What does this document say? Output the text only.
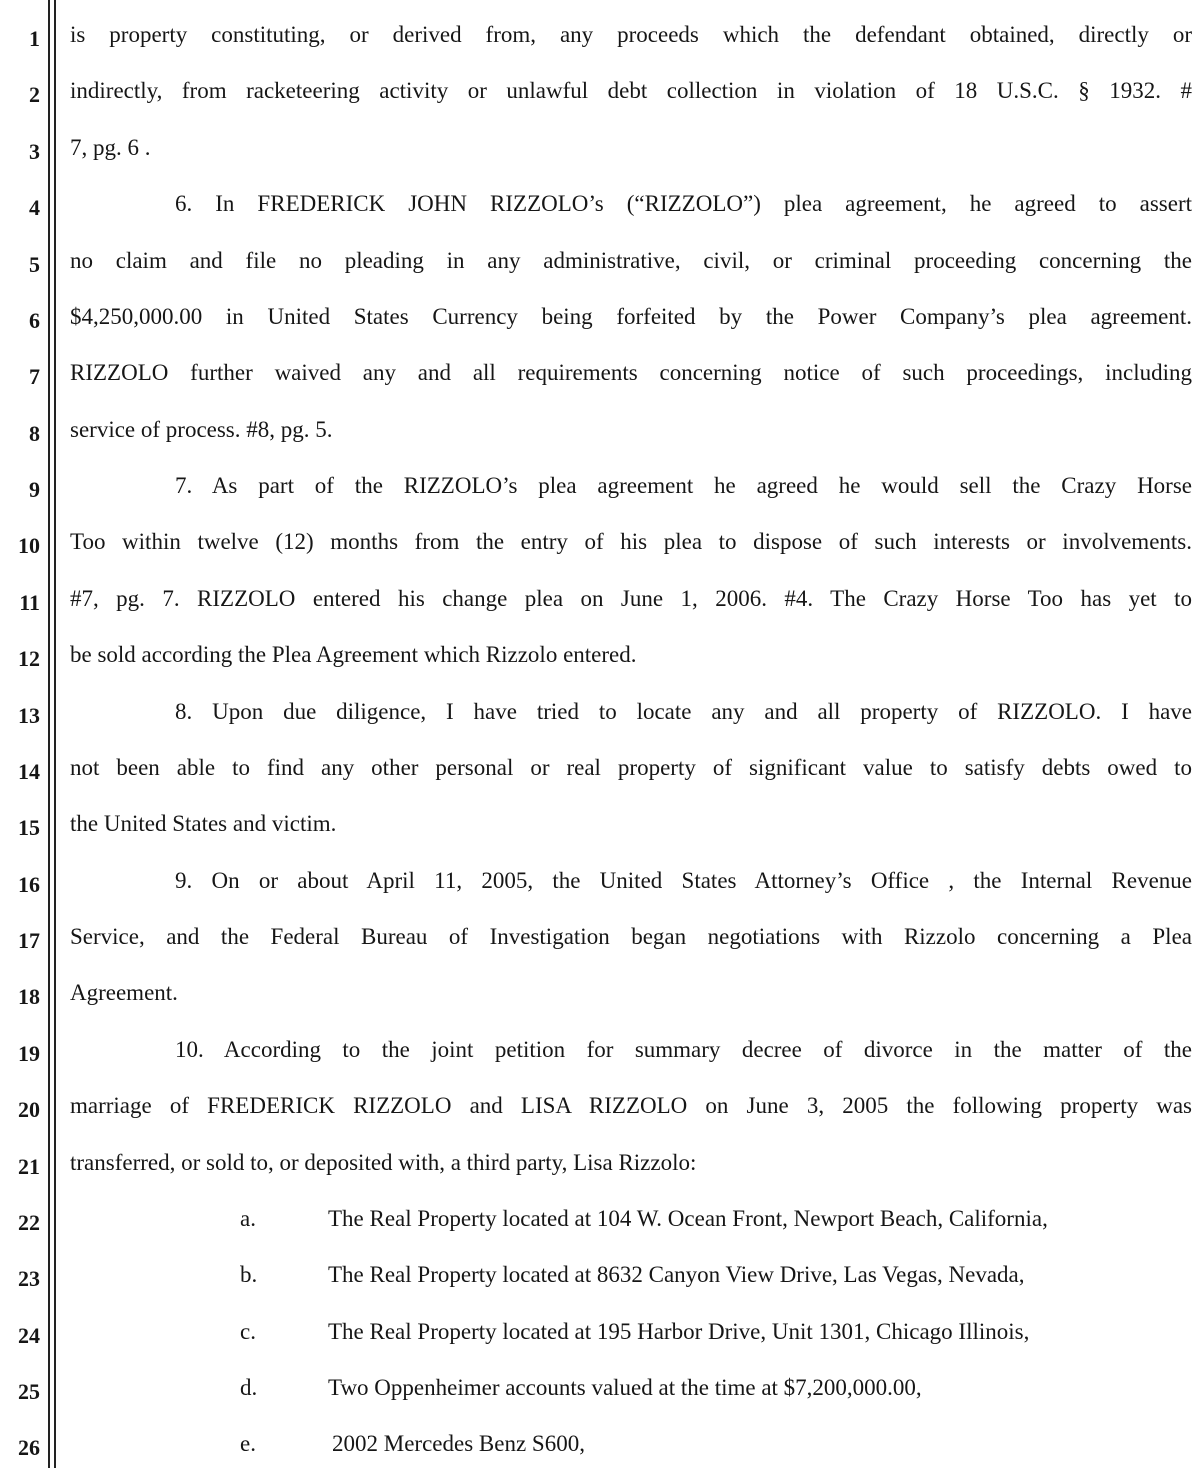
1
2
3
4
5
6
7
8
9
10
11
12
13
14
15
16
17
18
19
20
21
22
23
24
25
26
is property constituting, or derived from, any proceeds which the defendant obtained, directly or
indirectly, from racketeering activity or unlawful debt collection in violation of 18 U.S.C. § 1932. #
7, pg. 6 .
6. In FREDERICK JOHN RIZZOLO’s (“RIZZOLO”) plea agreement, he agreed to assert
no claim and file no pleading in any administrative, civil, or criminal proceeding concerning the
$4,250,000.00 in United States Currency being forfeited by the Power Company’s plea agreement.
RIZZOLO further waived any and all requirements concerning notice of such proceedings, including
service of process. #8, pg. 5.
7. As part of the RIZZOLO’s plea agreement he agreed he would sell the Crazy Horse
Too within twelve (12) months from the entry of his plea to dispose of such interests or involvements.
#7, pg. 7. RIZZOLO entered his change plea on June 1, 2006. #4. The Crazy Horse Too has yet to
be sold according the Plea Agreement which Rizzolo entered.
8. Upon due diligence, I have tried to locate any and all property of RIZZOLO. I have
not been able to find any other personal or real property of significant value to satisfy debts owed to
the United States and victim.
9. On or about April 11, 2005, the United States Attorney’s Office , the Internal Revenue
Service, and the Federal Bureau of Investigation began negotiations with Rizzolo concerning a Plea
Agreement.
10. According to the joint petition for summary decree of divorce in the matter of the
marriage of FREDERICK RIZZOLO and LISA RIZZOLO on June 3, 2005 the following property was
transferred, or sold to, or deposited with, a third party, Lisa Rizzolo:
a.	The Real Property located at 104 W. Ocean Front, Newport Beach, California,
b.	The Real Property located at 8632 Canyon View Drive, Las Vegas, Nevada,
c.	The Real Property located at 195 Harbor Drive, Unit 1301, Chicago Illinois,
d.	Two Oppenheimer accounts valued at the time at $7,200,000.00,
e.	2002 Mercedes Benz S600,
